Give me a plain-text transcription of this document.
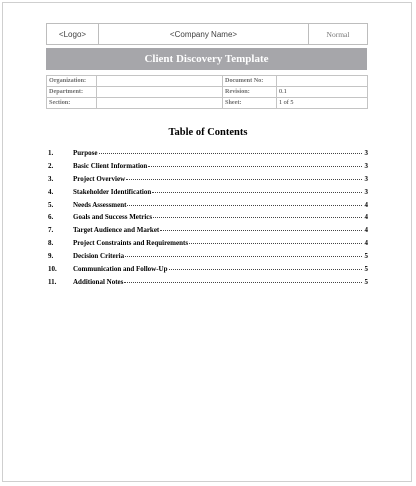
<Logo>	<Company Name>	Normal
Client Discovery Template
Organization:		Document No:	
Department:		Revision:	0.1
Section:		Sheet:	1 of 5
Table of Contents
1.	Purpose	3
2.	Basic Client Information	3
3.	Project Overview	3
4.	Stakeholder Identification	3
5.	Needs Assessment	4
6.	Goals and Success Metrics	4
7.	Target Audience and Market	4
8.	Project Constraints and Requirements	4
9.	Decision Criteria	5
10.	Communication and Follow-Up	5
11.	Additional Notes	5
